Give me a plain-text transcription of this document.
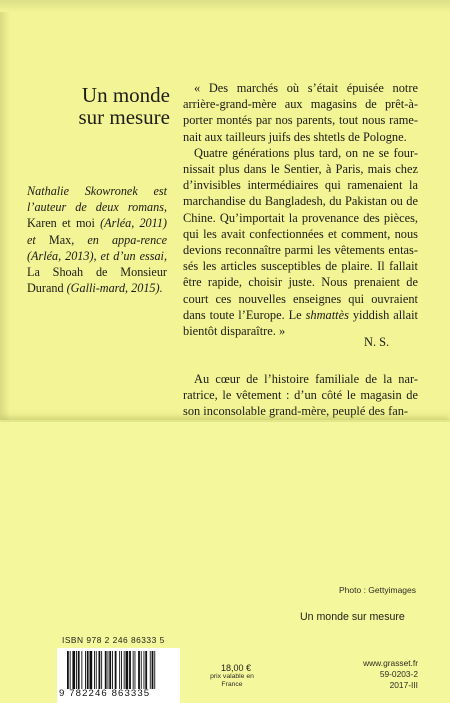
Un monde sur mesure
Nathalie Skowronek est l’auteur de deux romans, Karen et moi (Arléa, 2011) et Max, en appa-rence (Arléa, 2013), et d’un essai, La Shoah de Monsieur Durand (Galli-mard, 2015).

« Des marchés où s’était épuisée notre arrière-grand-mère aux magasins de prêt-à-porter montés par nos parents, tout nous rame-nait aux tailleurs juifs des shtetls de Pologne.

Quatre générations plus tard, on ne se four-nissait plus dans le Sentier, à Paris, mais chez d’invisibles intermédiaires qui ramenaient la marchandise du Bangladesh, du Pakistan ou de Chine. Qu’importait la provenance des pièces, qui les avait confectionnées et comment, nous devions reconnaître parmi les vêtements entas-sés les articles susceptibles de plaire. Il fallait être rapide, choisir juste. Nous prenaient de court ces nouvelles enseignes qui ouvraient dans toute l’Europe. Le shmattès yiddish allait bientôt disparaître. »

N. S.

Au cœur de l’histoire familiale de la nar-ratrice, le vêtement : d’un côté le magasin de son inconsolable grand-mère, peuplé des fan-

Photo : Gettyimages
Un monde sur mesure
ISBN 978 2 246 86333 5
9 782246 863335
18,00 €
prix valable en France
www.grasset.fr
59-0203-2
2017-III
